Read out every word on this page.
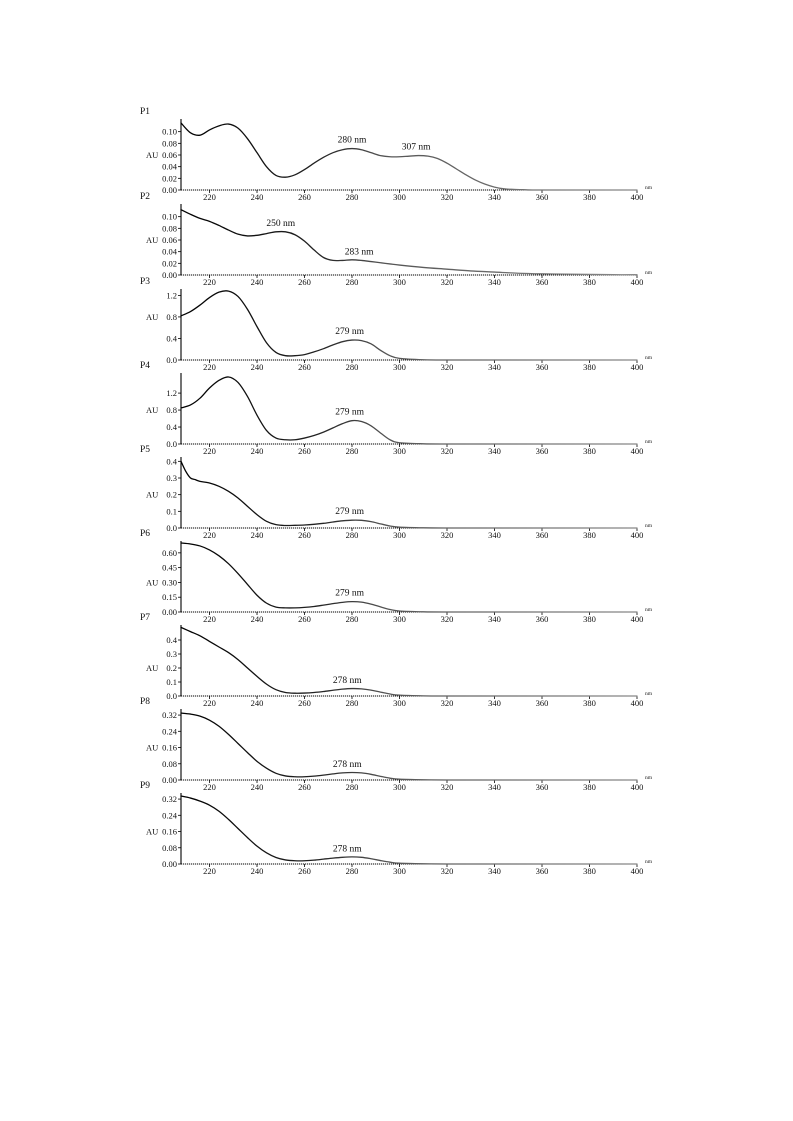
P1
AU
0.10
0.08
0.06
0.04
0.02
0.00
220	240	260	280	300	320	340	360	380	400
nm
280 nm
307 nm
P2
AU
0.10
0.08
0.06
0.04
0.02
0.00
220	240	260	280	300	320	340	360	380	400
nm
250 nm
283 nm
P3
AU
1.2
0.8
0.4
0.0
220	240	260	280	300	320	340	360	380	400
nm
279 nm
P4
AU
1.2
0.8
0.4
0.0
220	240	260	280	300	320	340	360	380	400
nm
279 nm
P5
AU
0.4
0.3
0.2
0.1
0.0
220	240	260	280	300	320	340	360	380	400
nm
279 nm
P6
AU
0.60
0.45
0.30
0.15
0.00
220	240	260	280	300	320	340	360	380	400
nm
279 nm
P7
AU
0.4
0.3
0.2
0.1
0.0
220	240	260	280	300	320	340	360	380	400
nm
278 nm
P8
AU
0.32
0.24
0.16
0.08
0.00
220	240	260	280	300	320	340	360	380	400
nm
278 nm
P9
AU
0.32
0.24
0.16
0.08
0.00
220	240	260	280	300	320	340	360	380	400
nm
278 nm
